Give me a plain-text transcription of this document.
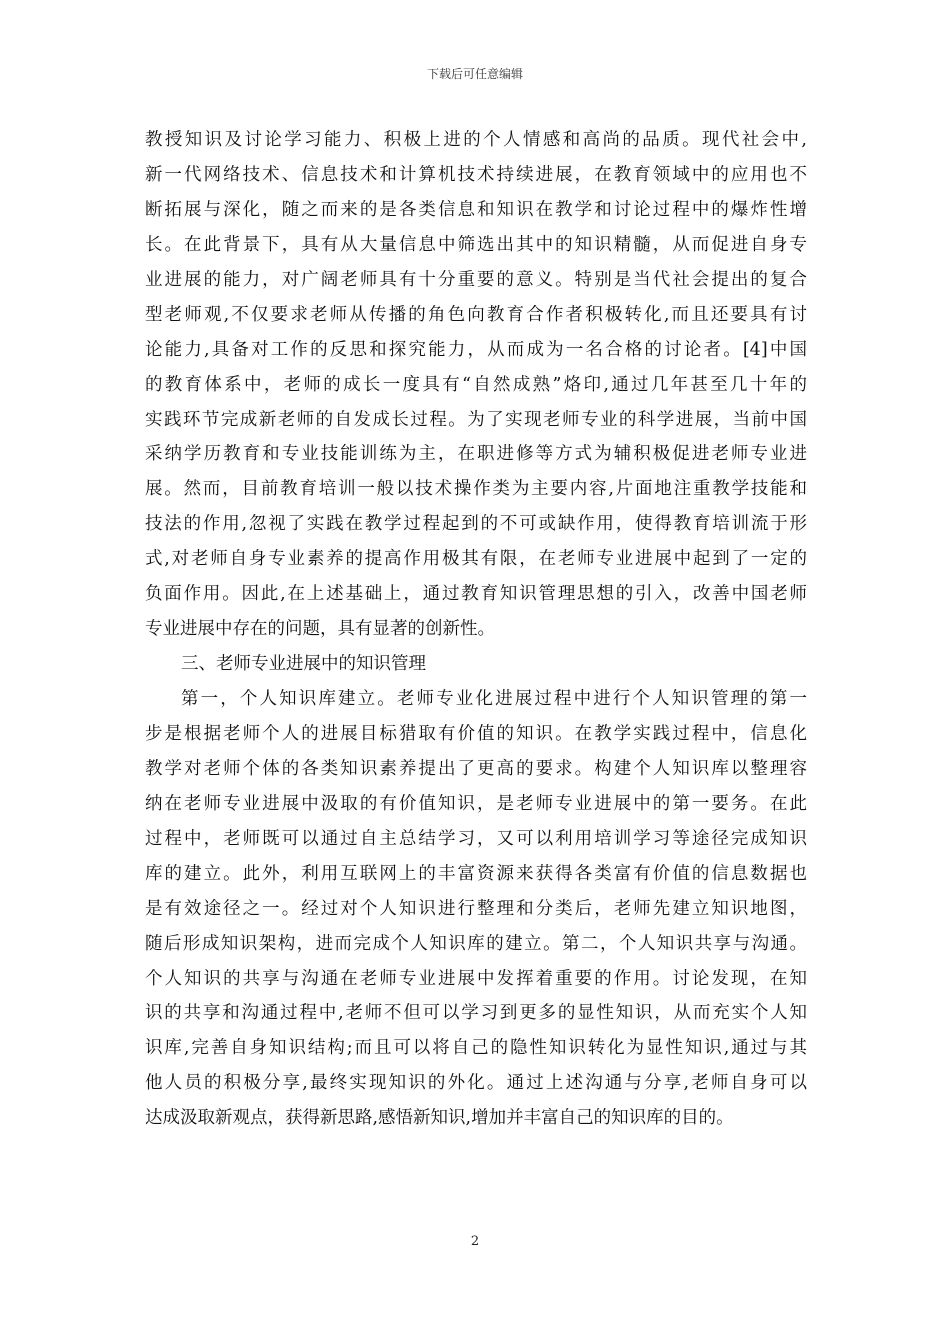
下载后可任意编辑
教授知识及讨论学习能力、积极上进的个人情感和高尚的品质。现代社会中,
新一代网络技术、信息技术和计算机技术持续进展，在教育领域中的应用也不
断拓展与深化，随之而来的是各类信息和知识在教学和讨论过程中的爆炸性增
长。在此背景下，具有从大量信息中筛选出其中的知识精髓，从而促进自身专
业进展的能力，对广阔老师具有十分重要的意义。特别是当代社会提出的复合
型老师观,不仅要求老师从传播的角色向教育合作者积极转化,而且还要具有讨
论能力,具备对工作的反思和探究能力，从而成为一名合格的讨论者。[4]中国
的教育体系中，老师的成长一度具有“自然成熟”烙印,通过几年甚至几十年的
实践环节完成新老师的自发成长过程。为了实现老师专业的科学进展，当前中国
采纳学历教育和专业技能训练为主，在职进修等方式为辅积极促进老师专业进
展。然而，目前教育培训一般以技术操作类为主要内容,片面地注重教学技能和
技法的作用,忽视了实践在教学过程起到的不可或缺作用，使得教育培训流于形
式,对老师自身专业素养的提高作用极其有限，在老师专业进展中起到了一定的
负面作用。因此,在上述基础上，通过教育知识管理思想的引入，改善中国老师
专业进展中存在的问题，具有显著的创新性。
三、老师专业进展中的知识管理
第一，个人知识库建立。老师专业化进展过程中进行个人知识管理的第一
步是根据老师个人的进展目标猎取有价值的知识。在教学实践过程中，信息化
教学对老师个体的各类知识素养提出了更高的要求。构建个人知识库以整理容
纳在老师专业进展中汲取的有价值知识，是老师专业进展中的第一要务。在此
过程中，老师既可以通过自主总结学习，又可以利用培训学习等途径完成知识
库的建立。此外，利用互联网上的丰富资源来获得各类富有价值的信息数据也
是有效途径之一。经过对个人知识进行整理和分类后，老师先建立知识地图，
随后形成知识架构，进而完成个人知识库的建立。第二，个人知识共享与沟通。
个人知识的共享与沟通在老师专业进展中发挥着重要的作用。讨论发现，在知
识的共享和沟通过程中,老师不但可以学习到更多的显性知识，从而充实个人知
识库,完善自身知识结构;而且可以将自己的隐性知识转化为显性知识,通过与其
他人员的积极分享,最终实现知识的外化。通过上述沟通与分享,老师自身可以
达成汲取新观点，获得新思路,感悟新知识,增加并丰富自己的知识库的目的。
2
